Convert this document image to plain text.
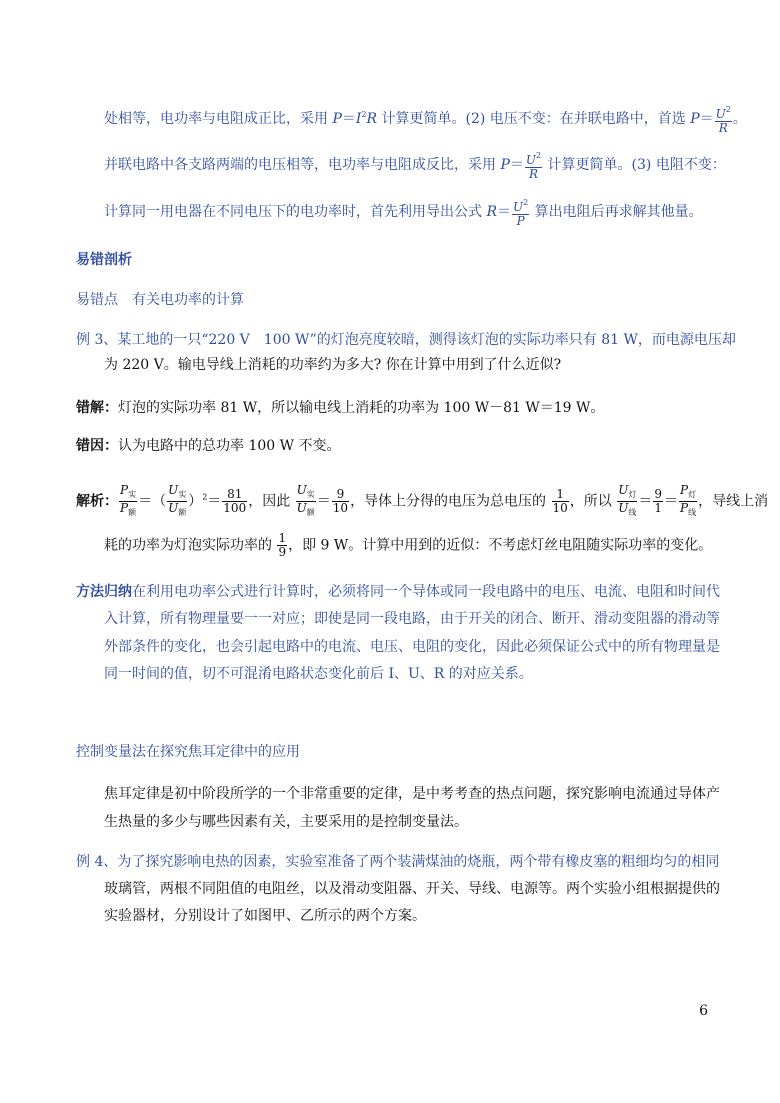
处相等，电功率与电阻成正比，采用 $P=I^2R$ 计算更简单。(2) 电压不变：在并联电路中，首选 $P= \frac{U^2}{R}$ 。
并联电路中各支路两端的电压相等，电功率与电阻成反比，采用 $P= \frac{U^2}{R}$ 计算更简单。(3) 电阻不变：
计算同一用电器在不同电压下的电功率时，首先利用导出公式 $R= \frac{U^2}{P}$ 算出电阻后再求解其他量。
易错剖析
易错点　有关电功率的计算
例 3、某工地的一只“220 V　100 W”的灯泡亮度较暗，测得该灯泡的实际功率只有 81 W，而电源电压却
为 220 V。输电导线上消耗的功率约为多大? 你在计算中用到了什么近似?
错解：灯泡的实际功率 81 W，所以输电线上消耗的功率为 100 W－81 W＝19 W。
错因：认为电路中的总功率 100 W 不变。
解析： $\frac{P_实}{P_额}$ ＝（ $\frac{U_实}{U_额} )^2= \frac{81}{100}$ ，因此 $\frac{U_实}{U_额} = \frac{9}{10}$ ，导体上分得的电压为总电压的 $\frac{1}{10}$ ，所以 $\frac{U_灯}{U_线} = \frac{9}{1} = \frac{P_灯}{P_线}$ ，导线上消
耗的功率为灯泡实际功率的 $\frac{1}{9}$ ，即 9 W。计算中用到的近似：不考虑灯丝电阻随实际功率的变化。
方法归纳在利用电功率公式进行计算时，必须将同一个导体或同一段电路中的电压、电流、电阻和时间代
入计算，所有物理量要一一对应；即使是同一段电路，由于开关的闭合、断开、滑动变阻器的滑动等
外部条件的变化，也会引起电路中的电流、电压、电阻的变化，因此必须保证公式中的所有物理量是
同一时间的值，切不可混淆电路状态变化前后 I、U、R 的对应关系。
控制变量法在探究焦耳定律中的应用
焦耳定律是初中阶段所学的一个非常重要的定律，是中考考查的热点问题，探究影响电流通过导体产
生热量的多少与哪些因素有关，主要采用的是控制变量法。
例 4、为了探究影响电热的因素，实验室准备了两个装满煤油的烧瓶，两个带有橡皮塞的粗细均匀的相同
玻璃管，两根不同阻值的电阻丝，以及滑动变阻器、开关、导线、电源等。两个实验小组根据提供的
实验器材，分别设计了如图甲、乙所示的两个方案。
6
